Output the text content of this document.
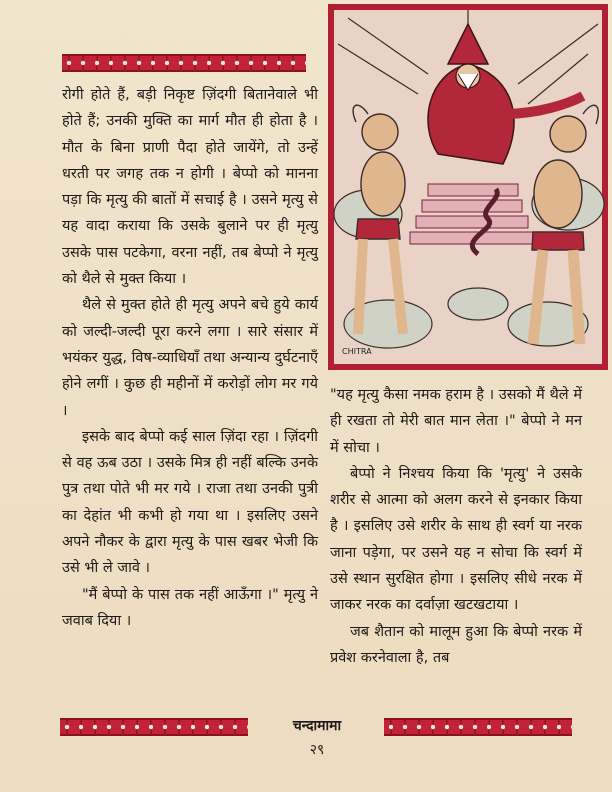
रोगी होते हैं, बड़ी निकृष्ट ज़िंदगी बितानेवाले भी होते हैं; उनकी मुक्ति का मार्ग मौत ही होता है । मौत के बिना प्राणी पैदा होते जायेंगे, तो उन्हें धरती पर जगह तक न होगी । बेप्पो को मानना पड़ा कि मृत्यु की बातों में सचाई है । उसने मृत्यु से यह वादा कराया कि उसके बुलाने पर ही मृत्यु उसके पास पटकेगा, वरना नहीं, तब बेप्पो ने मृत्यु को थैले से मुक्त किया ।

थैले से मुक्त होते ही मृत्यु अपने बचे हुये कार्य को जल्दी-जल्दी पूरा करने लगा । सारे संसार में भयंकर युद्ध, विष-व्याधियाँ तथा अन्यान्य दुर्घटनाएँ होने लगीं । कुछ ही महीनों में करोड़ों लोग मर गये ।

इसके बाद बेप्पो कई साल ज़िंदा रहा । ज़िंदगी से वह ऊब उठा । उसके मित्र ही नहीं बल्कि उनके पुत्र तथा पोते भी मर गये । राजा तथा उनकी पुत्री का देहांत भी कभी हो गया था । इसलिए उसने अपने नौकर के द्वारा मृत्यु के पास खबर भेजी कि उसे भी ले जावे ।

"मैं बेप्पो के पास तक नहीं आऊँगा ।" मृत्यु ने जवाब दिया ।

CHITRA

"यह मृत्यु कैसा नमक हराम है । उसको मैं थैले में ही रखता तो मेरी बात मान लेता ।" बेप्पो ने मन में सोचा ।

बेप्पो ने निश्चय किया कि 'मृत्यु' ने उसके शरीर से आत्मा को अलग करने से इनकार किया है । इसलिए उसे शरीर के साथ ही स्वर्ग या नरक जाना पड़ेगा, पर उसने यह न सोचा कि स्वर्ग में उसे स्थान सुरक्षित होगा । इसलिए सीधे नरक में जाकर नरक का दर्वाज़ा खटखटाया ।

जब शैतान को मालूम हुआ कि बेप्पो नरक में प्रवेश करनेवाला है, तब

चन्दामामा
२९
